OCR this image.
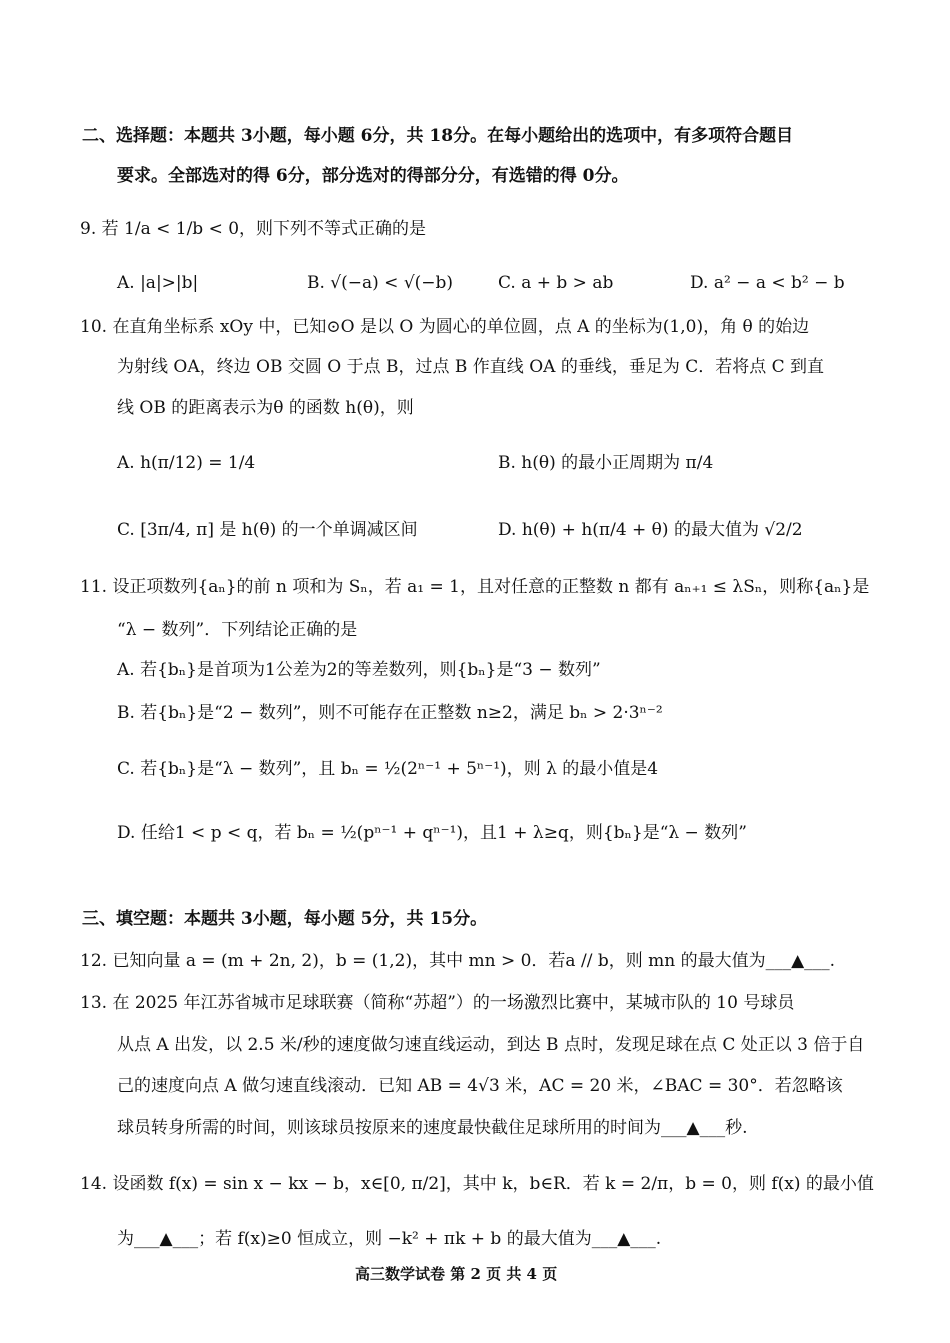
二、选择题：本题共 3小题，每小题 6分，共 18分。在每小题给出的选项中，有多项符合题目
要求。全部选对的得 6分，部分选对的得部分分，有选错的得 0分。
9. 若 1/a < 1/b < 0，则下列不等式正确的是
A. |a|>|b|	B. √(−a) < √(−b)	C. a + b > ab	D. a² − a < b² − b
10. 在直角坐标系 xOy 中，已知⊙O 是以 O 为圆心的单位圆，点 A 的坐标为(1,0)，角 θ 的始边
为射线 OA，终边 OB 交圆 O 于点 B，过点 B 作直线 OA 的垂线，垂足为 C．若将点 C 到直
线 OB 的距离表示为θ 的函数 h(θ)，则
A. h(π/12) = 1/4	B. h(θ) 的最小正周期为 π/4
C. [3π/4, π] 是 h(θ) 的一个单调减区间	D. h(θ) + h(π/4 + θ) 的最大值为 √2/2
11. 设正项数列{aₙ}的前 n 项和为 Sₙ，若 a₁ = 1，且对任意的正整数 n 都有 aₙ₊₁ ≤ λSₙ，则称{aₙ}是
“λ − 数列”．下列结论正确的是
A. 若{bₙ}是首项为1公差为2的等差数列，则{bₙ}是“3 − 数列”
B. 若{bₙ}是“2 − 数列”，则不可能存在正整数 n≥2，满足 bₙ > 2·3ⁿ⁻²
C. 若{bₙ}是“λ − 数列”，且 bₙ = ½(2ⁿ⁻¹ + 5ⁿ⁻¹)，则 λ 的最小值是4
D. 任给1 < p < q，若 bₙ = ½(pⁿ⁻¹ + qⁿ⁻¹)，且1 + λ≥q，则{bₙ}是“λ − 数列”
三、填空题：本题共 3小题，每小题 5分，共 15分。
12. 已知向量 a = (m + 2n, 2)，b = (1,2)，其中 mn > 0．若a // b，则 mn 的最大值为___▲___.
13. 在 2025 年江苏省城市足球联赛（简称“苏超”）的一场激烈比赛中，某城市队的 10 号球员
从点 A 出发，以 2.5 米/秒的速度做匀速直线运动，到达 B 点时，发现足球在点 C 处正以 3 倍于自
己的速度向点 A 做匀速直线滚动．已知 AB = 4√3 米，AC = 20 米，∠BAC = 30°．若忽略该
球员转身所需的时间，则该球员按原来的速度最快截住足球所用的时间为___▲___秒.
14. 设函数 f(x) = sin x − kx − b，x∈[0, π/2]，其中 k，b∈R．若 k = 2/π，b = 0，则 f(x) 的最小值
为___▲___；若 f(x)≥0 恒成立，则 −k² + πk + b 的最大值为___▲___.
高三数学试卷 第 2 页 共 4 页
